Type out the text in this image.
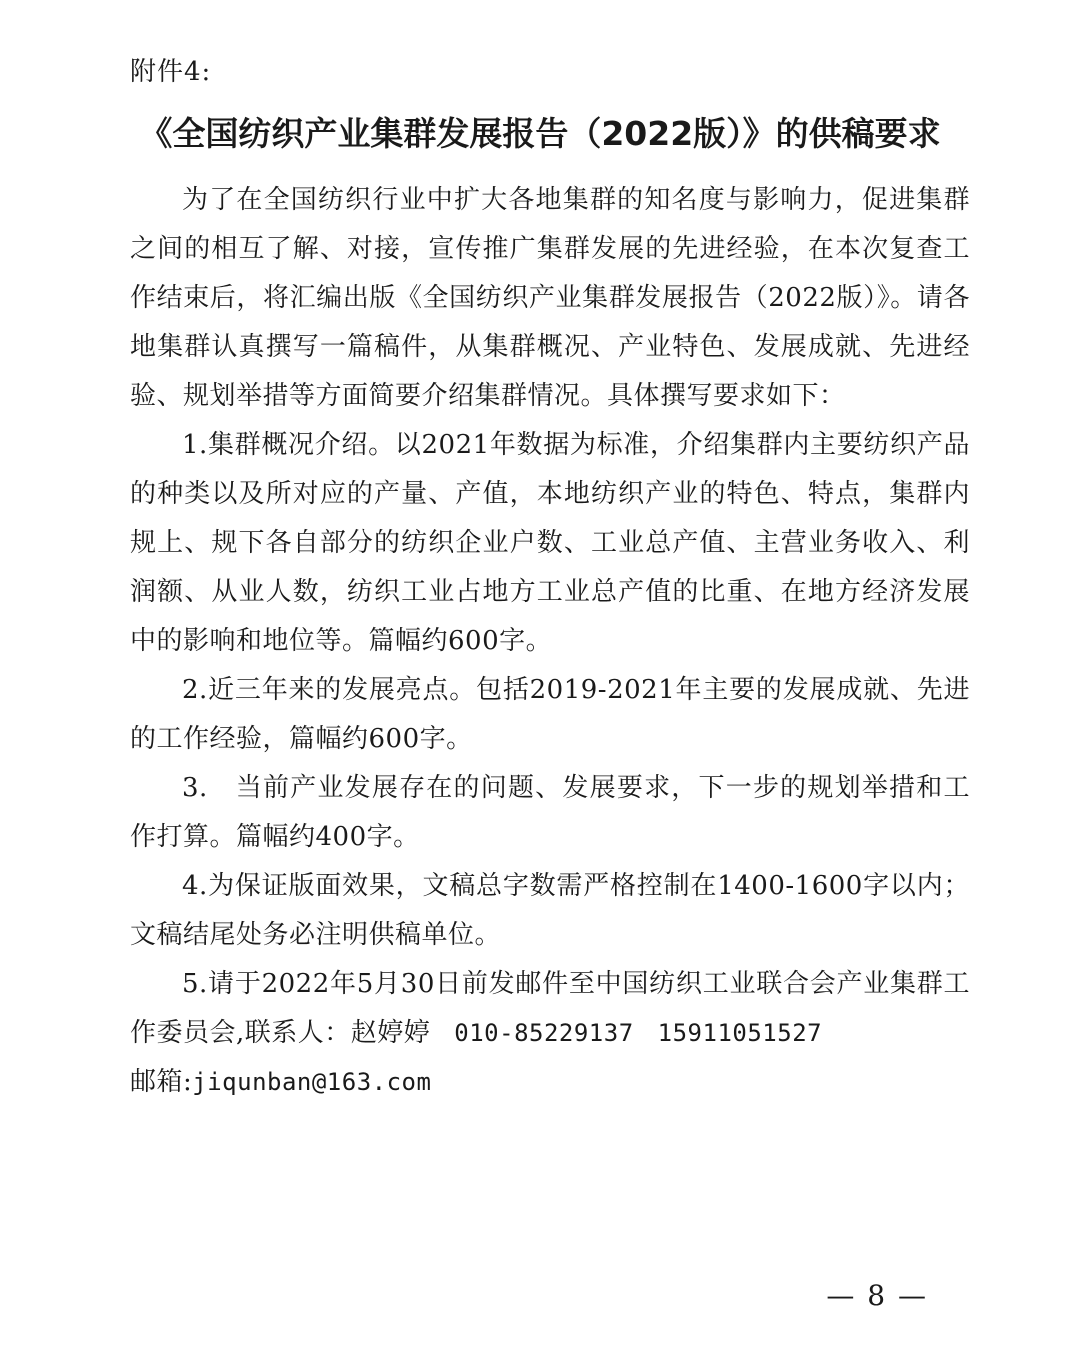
附件4:
《全国纺织产业集群发展报告（2022版）》的供稿要求

为了在全国纺织行业中扩大各地集群的知名度与影响力，促进集群之间的相互了解、对接，宣传推广集群发展的先进经验，在本次复查工作结束后，将汇编出版《全国纺织产业集群发展报告（2022版）》。请各地集群认真撰写一篇稿件，从集群概况、产业特色、发展成就、先进经验、规划举措等方面简要介绍集群情况。具体撰写要求如下：

1.集群概况介绍。以2021年数据为标准，介绍集群内主要纺织产品的种类以及所对应的产量、产值，本地纺织产业的特色、特点，集群内规上、规下各自部分的纺织企业户数、工业总产值、主营业务收入、利润额、从业人数，纺织工业占地方工业总产值的比重、在地方经济发展中的影响和地位等。篇幅约600字。

2.近三年来的发展亮点。包括2019-2021年主要的发展成就、先进的工作经验，篇幅约600字。

3.　当前产业发展存在的问题、发展要求，下一步的规划举措和工作打算。篇幅约400字。

4.为保证版面效果，文稿总字数需严格控制在1400-1600字以内；文稿结尾处务必注明供稿单位。

5.请于2022年5月30日前发邮件至中国纺织工业联合会产业集群工作委员会,联系人：赵婷婷 010-85229137 15911051527

邮箱:jiqunban@163.com

— 8 —
